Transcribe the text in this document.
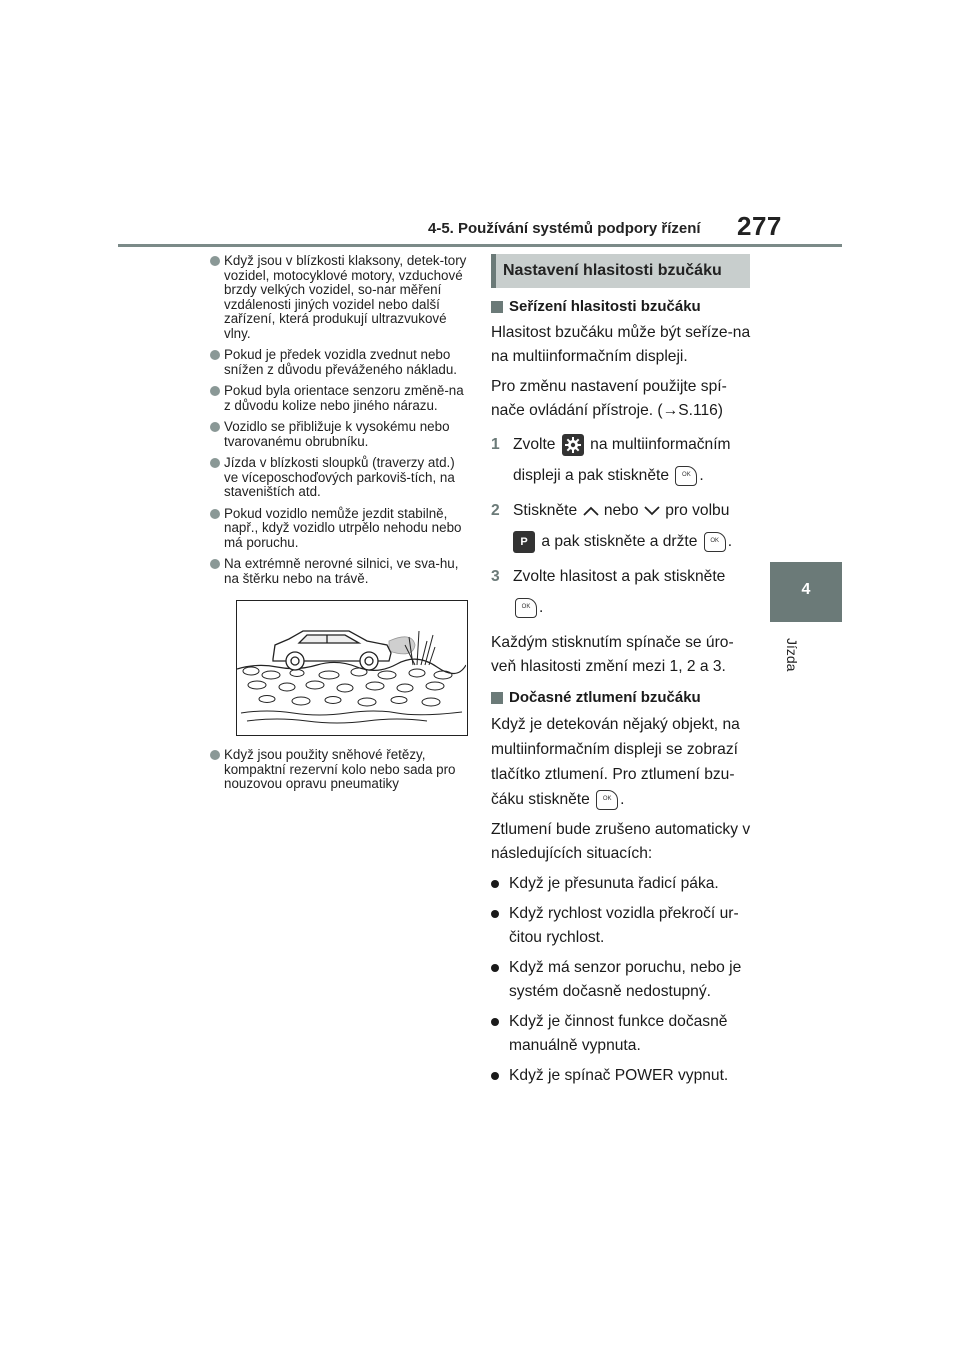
4-5. Používání systémů podpory řízení 277
4
Jízda
Když jsou v blízkosti klaksony, detek-tory vozidel, motocyklové motory, vzduchové brzdy velkých vozidel, so-nar měření vzdálenosti jiných vozidel nebo další zařízení, která produkují ultrazvukové vlny.
Pokud je předek vozidla zvednut nebo snížen z důvodu převáženého nákladu.
Pokud byla orientace senzoru změně-na z důvodu kolize nebo jiného nárazu.
Vozidlo se přibližuje k vysokému nebo tvarovanému obrubníku.
Jízda v blízkosti sloupků (traverzy atd.) ve víceposchoďových parkoviš-tích, na staveništích atd.
Pokud vozidlo nemůže jezdit stabilně, např., když vozidlo utrpělo nehodu nebo má poruchu.
Na extrémně nerovné silnici, ve sva-hu, na štěrku nebo na trávě.
Když jsou použity sněhové řetězy, kompaktní rezervní kolo nebo sada pro nouzovou opravu pneumatiky
Nastavení hlasitosti bzučáku
Seřízení hlasitosti bzučáku
Hlasitost bzučáku může být seříze-na na multiinformačním displeji.
Pro změnu nastavení použijte spí-nače ovládání přístroje. (→S.116)
1 Zvolte na multiinformačním
displeji a pak stiskněte OK .
2 Stiskněte nebo pro volbu
P a pak stiskněte a držte OK .
3 Zvolte hlasitost a pak stiskněte
OK .
Každým stisknutím spínače se úro-veň hlasitosti změní mezi 1, 2 a 3.
Dočasné ztlumení bzučáku
Když je detekován nějaký objekt, na multiinformačním displeji se zobrazí tlačítko ztlumení. Pro ztlumení bzu-
čáku stiskněte OK .
Ztlumení bude zrušeno automaticky v následujících situacích:
Když je přesunuta řadicí páka.
Když rychlost vozidla překročí ur-čitou rychlost.
Když má senzor poruchu, nebo je systém dočasně nedostupný.
Když je činnost funkce dočasně manuálně vypnuta.
Když je spínač POWER vypnut.
